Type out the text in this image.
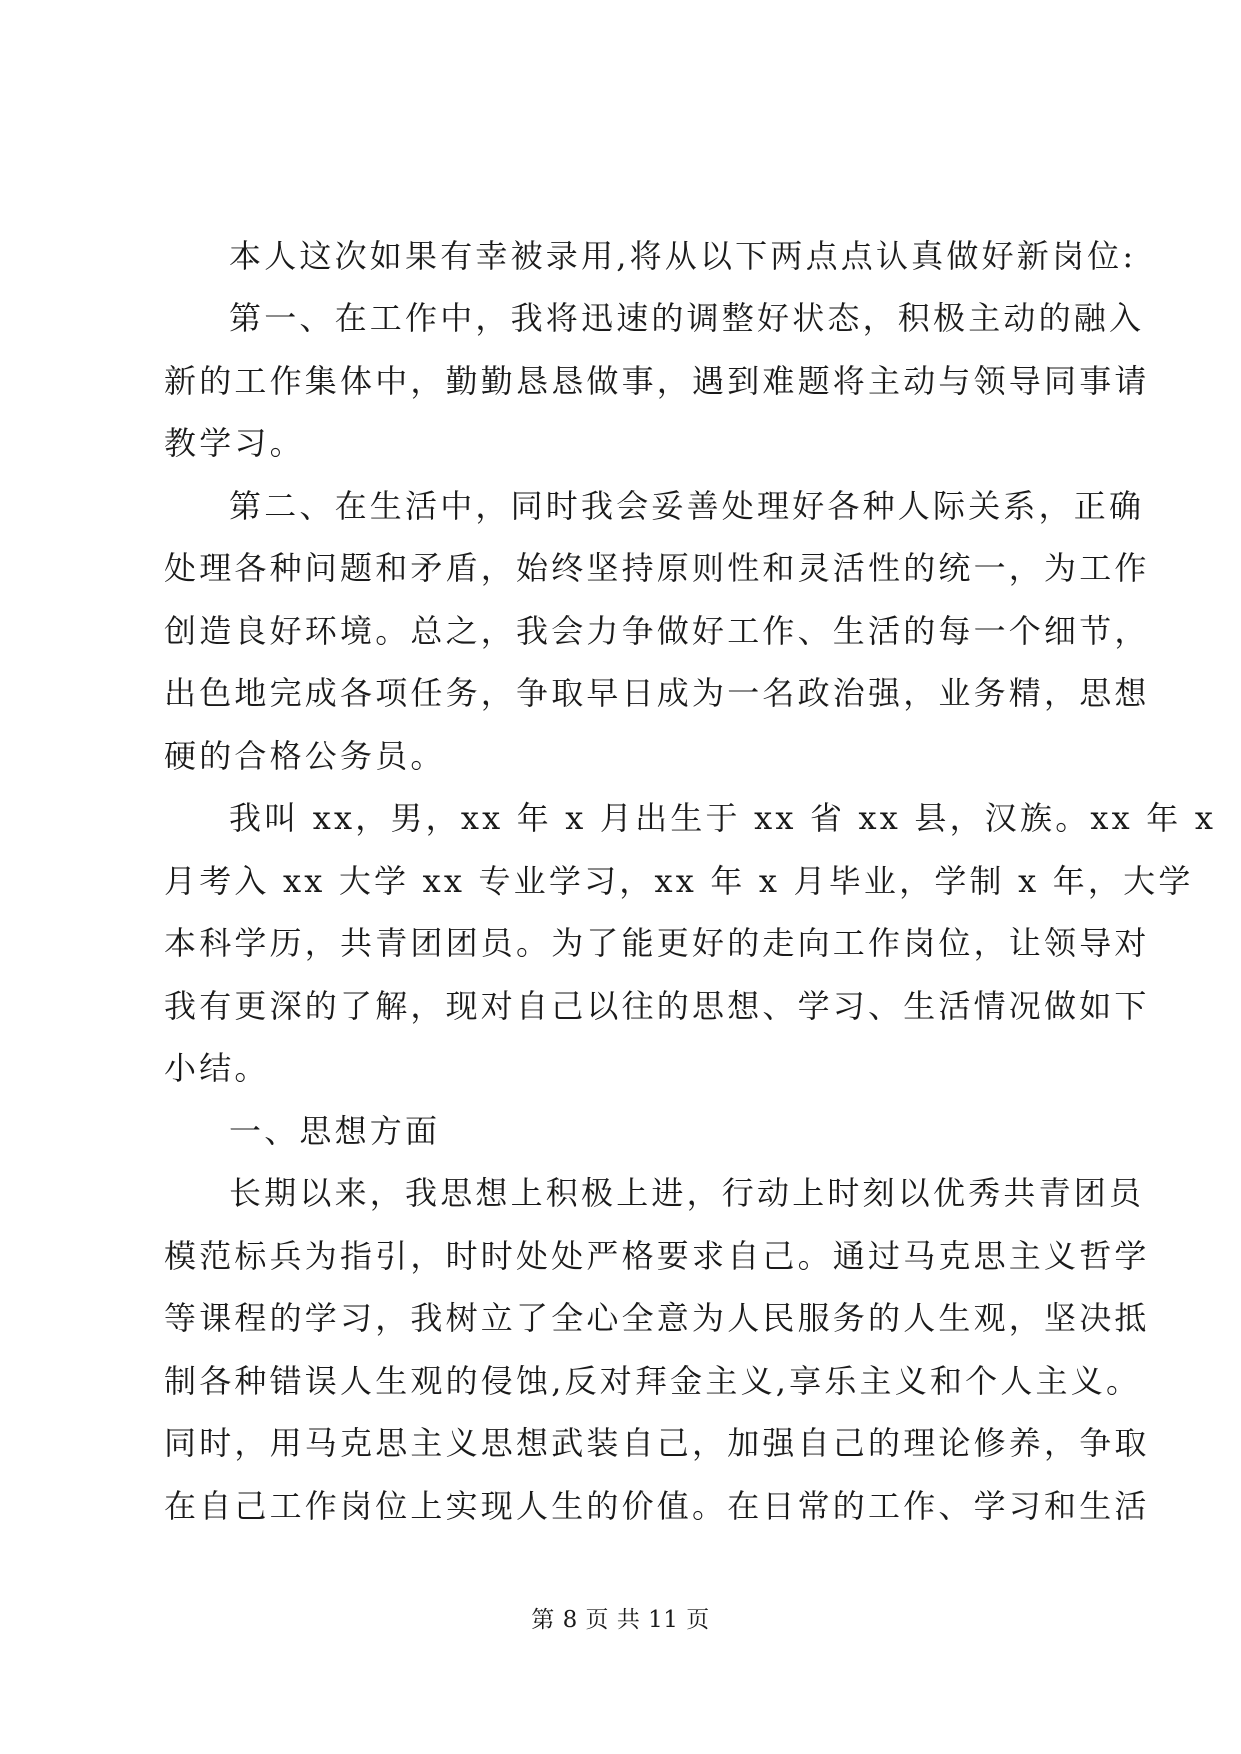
本人这次如果有幸被录用,将从以下两点点认真做好新岗位:
第一、在工作中，我将迅速的调整好状态，积极主动的融入
新的工作集体中，勤勤恳恳做事，遇到难题将主动与领导同事请
教学习。
第二、在生活中，同时我会妥善处理好各种人际关系，正确
处理各种问题和矛盾，始终坚持原则性和灵活性的统一，为工作
创造良好环境。总之，我会力争做好工作、生活的每一个细节，
出色地完成各项任务，争取早日成为一名政治强，业务精，思想
硬的合格公务员。
我叫 xx，男，xx 年 x 月出生于 xx 省 xx 县，汉族。xx 年 x
月考入 xx 大学 xx 专业学习，xx 年 x 月毕业，学制 x 年，大学
本科学历，共青团团员。为了能更好的走向工作岗位，让领导对
我有更深的了解，现对自己以往的思想、学习、生活情况做如下
小结。
一、思想方面
长期以来，我思想上积极上进，行动上时刻以优秀共青团员
模范标兵为指引，时时处处严格要求自己。通过马克思主义哲学
等课程的学习，我树立了全心全意为人民服务的人生观，坚决抵
制各种错误人生观的侵蚀,反对拜金主义,享乐主义和个人主义。
同时，用马克思主义思想武装自己，加强自己的理论修养，争取
在自己工作岗位上实现人生的价值。在日常的工作、学习和生活
第 8 页 共 11 页
